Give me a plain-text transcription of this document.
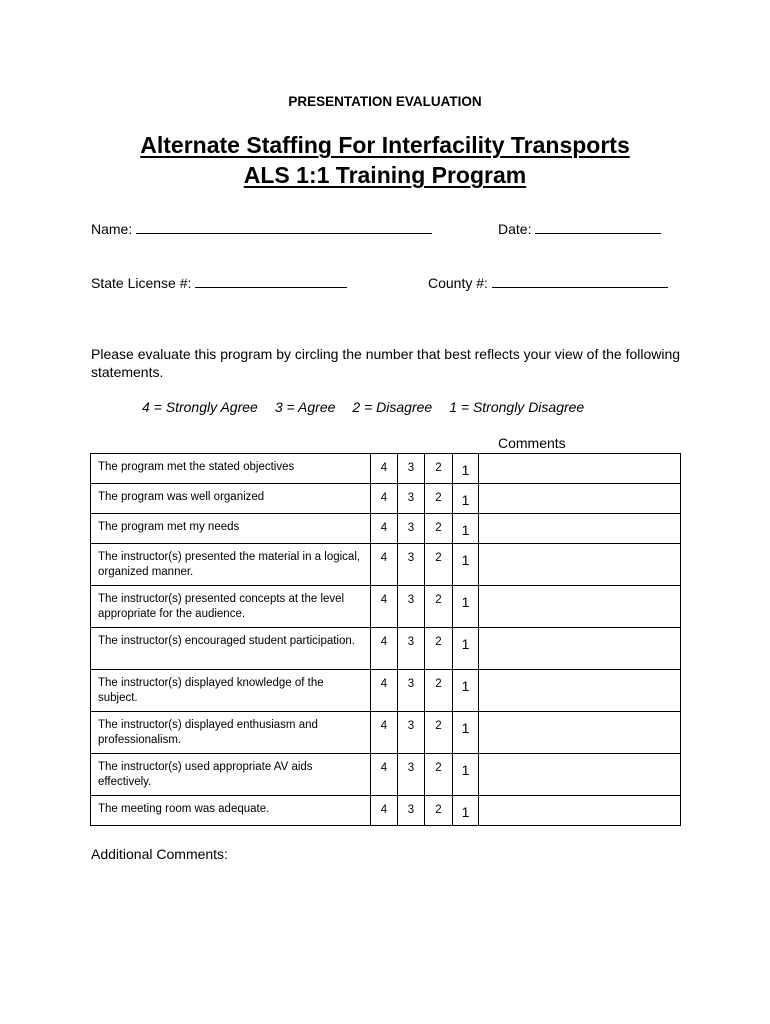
PRESENTATION EVALUATION
Alternate Staffing For Interfacility Transports
ALS 1:1 Training Program
Name:	Date:
State License #:	County #:
Please evaluate this program by circling the number that best reflects your view of the following statements.
4 = Strongly Agree 3 = Agree 2 = Disagree 1 = Strongly Disagree
Comments
The program met the stated objectives	4	3	2	1	
The program was well organized	4	3	2	1	
The program met my needs	4	3	2	1	
The instructor(s) presented the material in a logical, organized manner.	4	3	2	1	
The instructor(s) presented concepts at the level appropriate for the audience.	4	3	2	1	
The instructor(s) encouraged student participation.	4	3	2	1	
The instructor(s) displayed knowledge of the subject.	4	3	2	1	
The instructor(s) displayed enthusiasm and professionalism.	4	3	2	1	
The instructor(s) used appropriate AV aids effectively.	4	3	2	1	
The meeting room was adequate.	4	3	2	1	
Additional Comments:
